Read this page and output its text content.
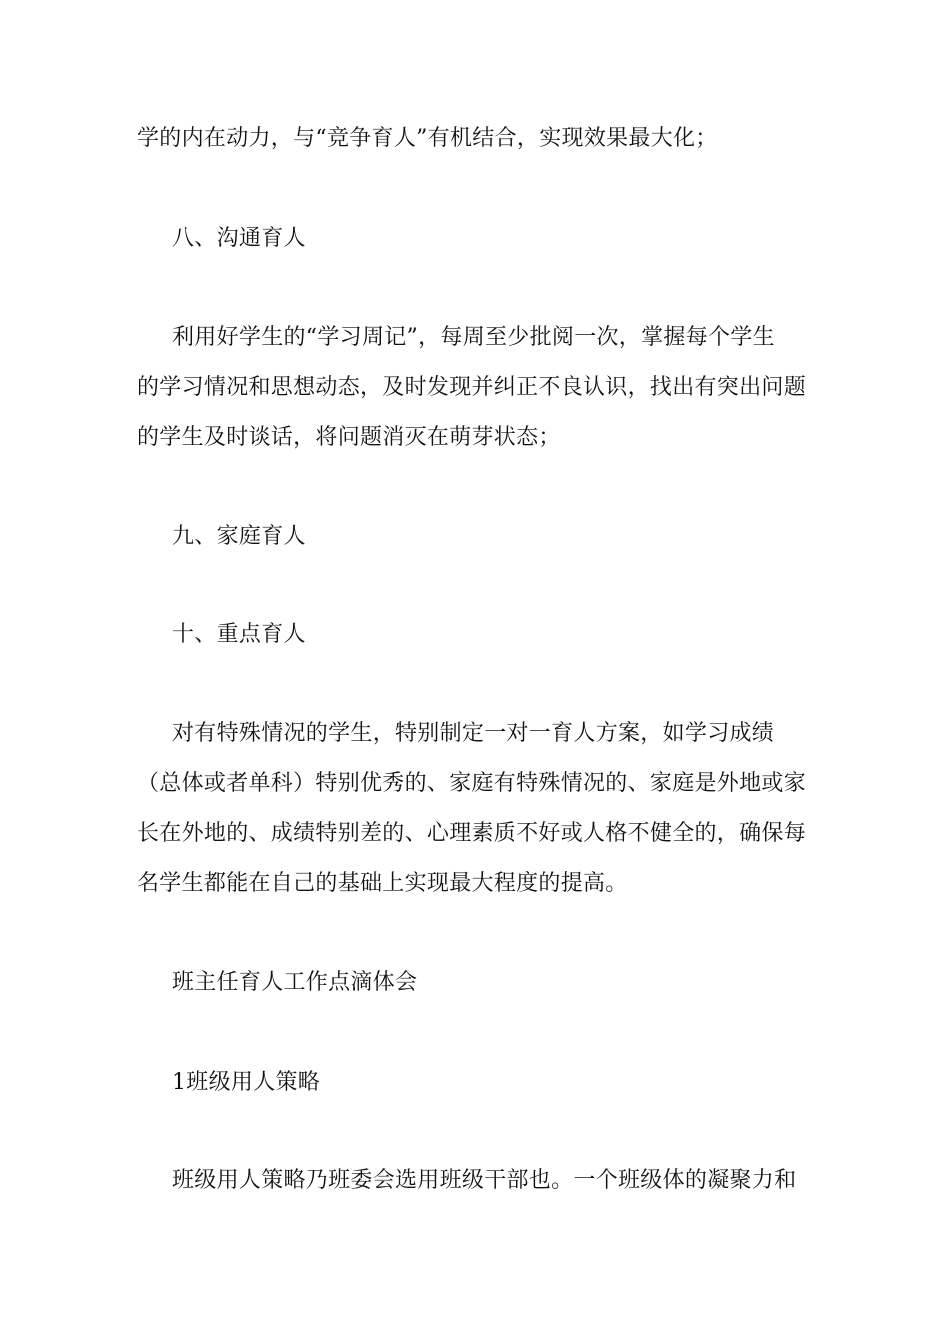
学的内在动力，与“竞争育人”有机结合，实现效果最大化；
八、沟通育人
利用好学生的“学习周记”，每周至少批阅一次，掌握每个学生
的学习情况和思想动态，及时发现并纠正不良认识，找出有突出问题
的学生及时谈话，将问题消灭在萌芽状态；
九、家庭育人
十、重点育人
对有特殊情况的学生，特别制定一对一育人方案，如学习成绩
（总体或者单科）特别优秀的、家庭有特殊情况的、家庭是外地或家
长在外地的、成绩特别差的、心理素质不好或人格不健全的，确保每
名学生都能在自己的基础上实现最大程度的提高。
班主任育人工作点滴体会
1班级用人策略
班级用人策略乃班委会选用班级干部也。一个班级体的凝聚力和
